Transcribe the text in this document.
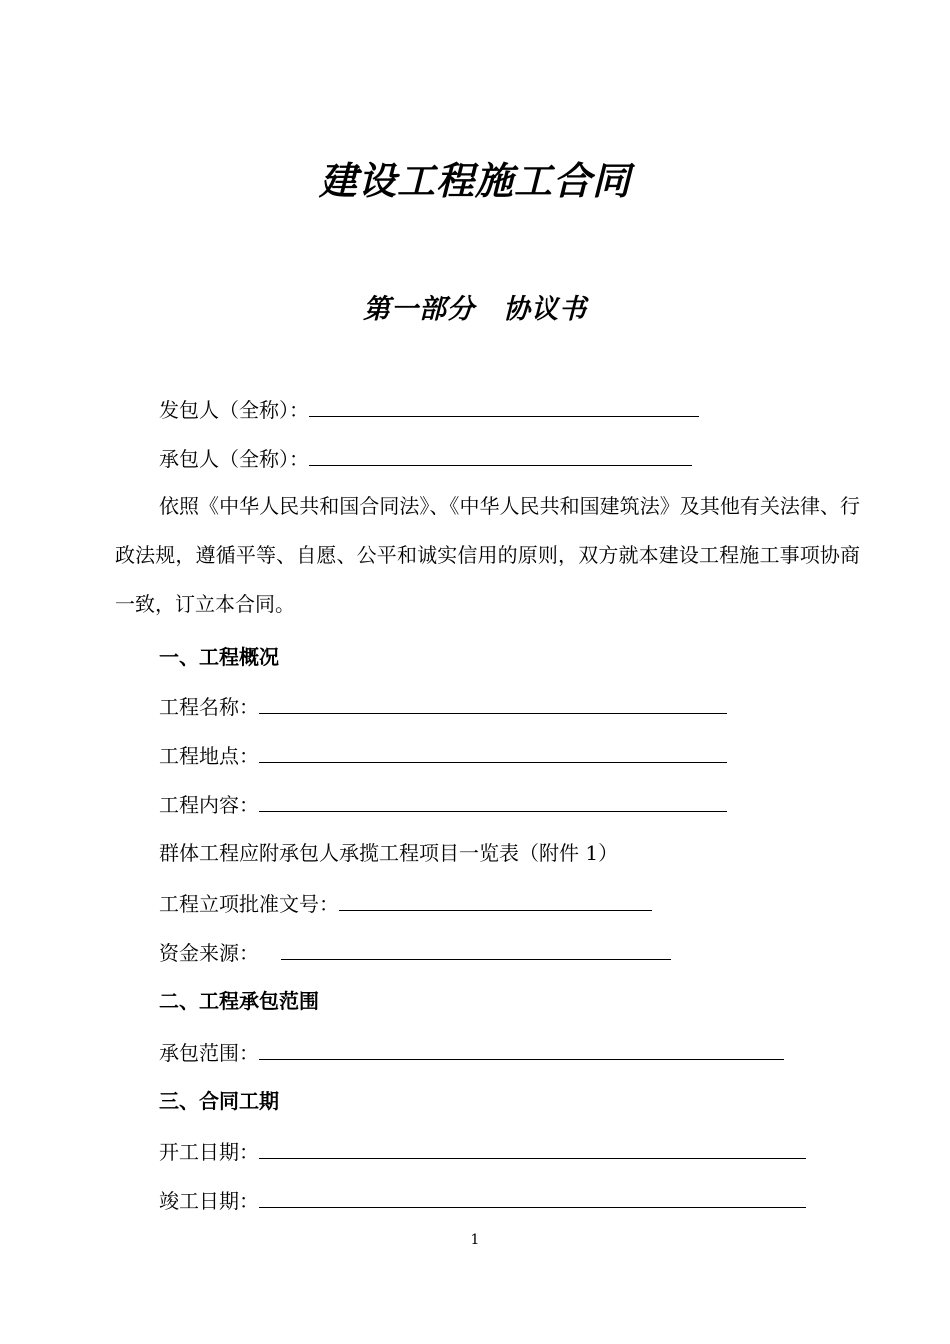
建设工程施工合同
第一部分　协议书
发包人（全称）：
承包人（全称）：
依照《中华人民共和国合同法》、《中华人民共和国建筑法》及其他有关法律、行政法规，遵循平等、自愿、公平和诚实信用的原则，双方就本建设工程施工事项协商一致，订立本合同。
一、工程概况
工程名称：
工程地点：
工程内容：
群体工程应附承包人承揽工程项目一览表（附件 1）
工程立项批准文号：
资金来源：
二、工程承包范围
承包范围：
三、合同工期
开工日期：
竣工日期：
1
